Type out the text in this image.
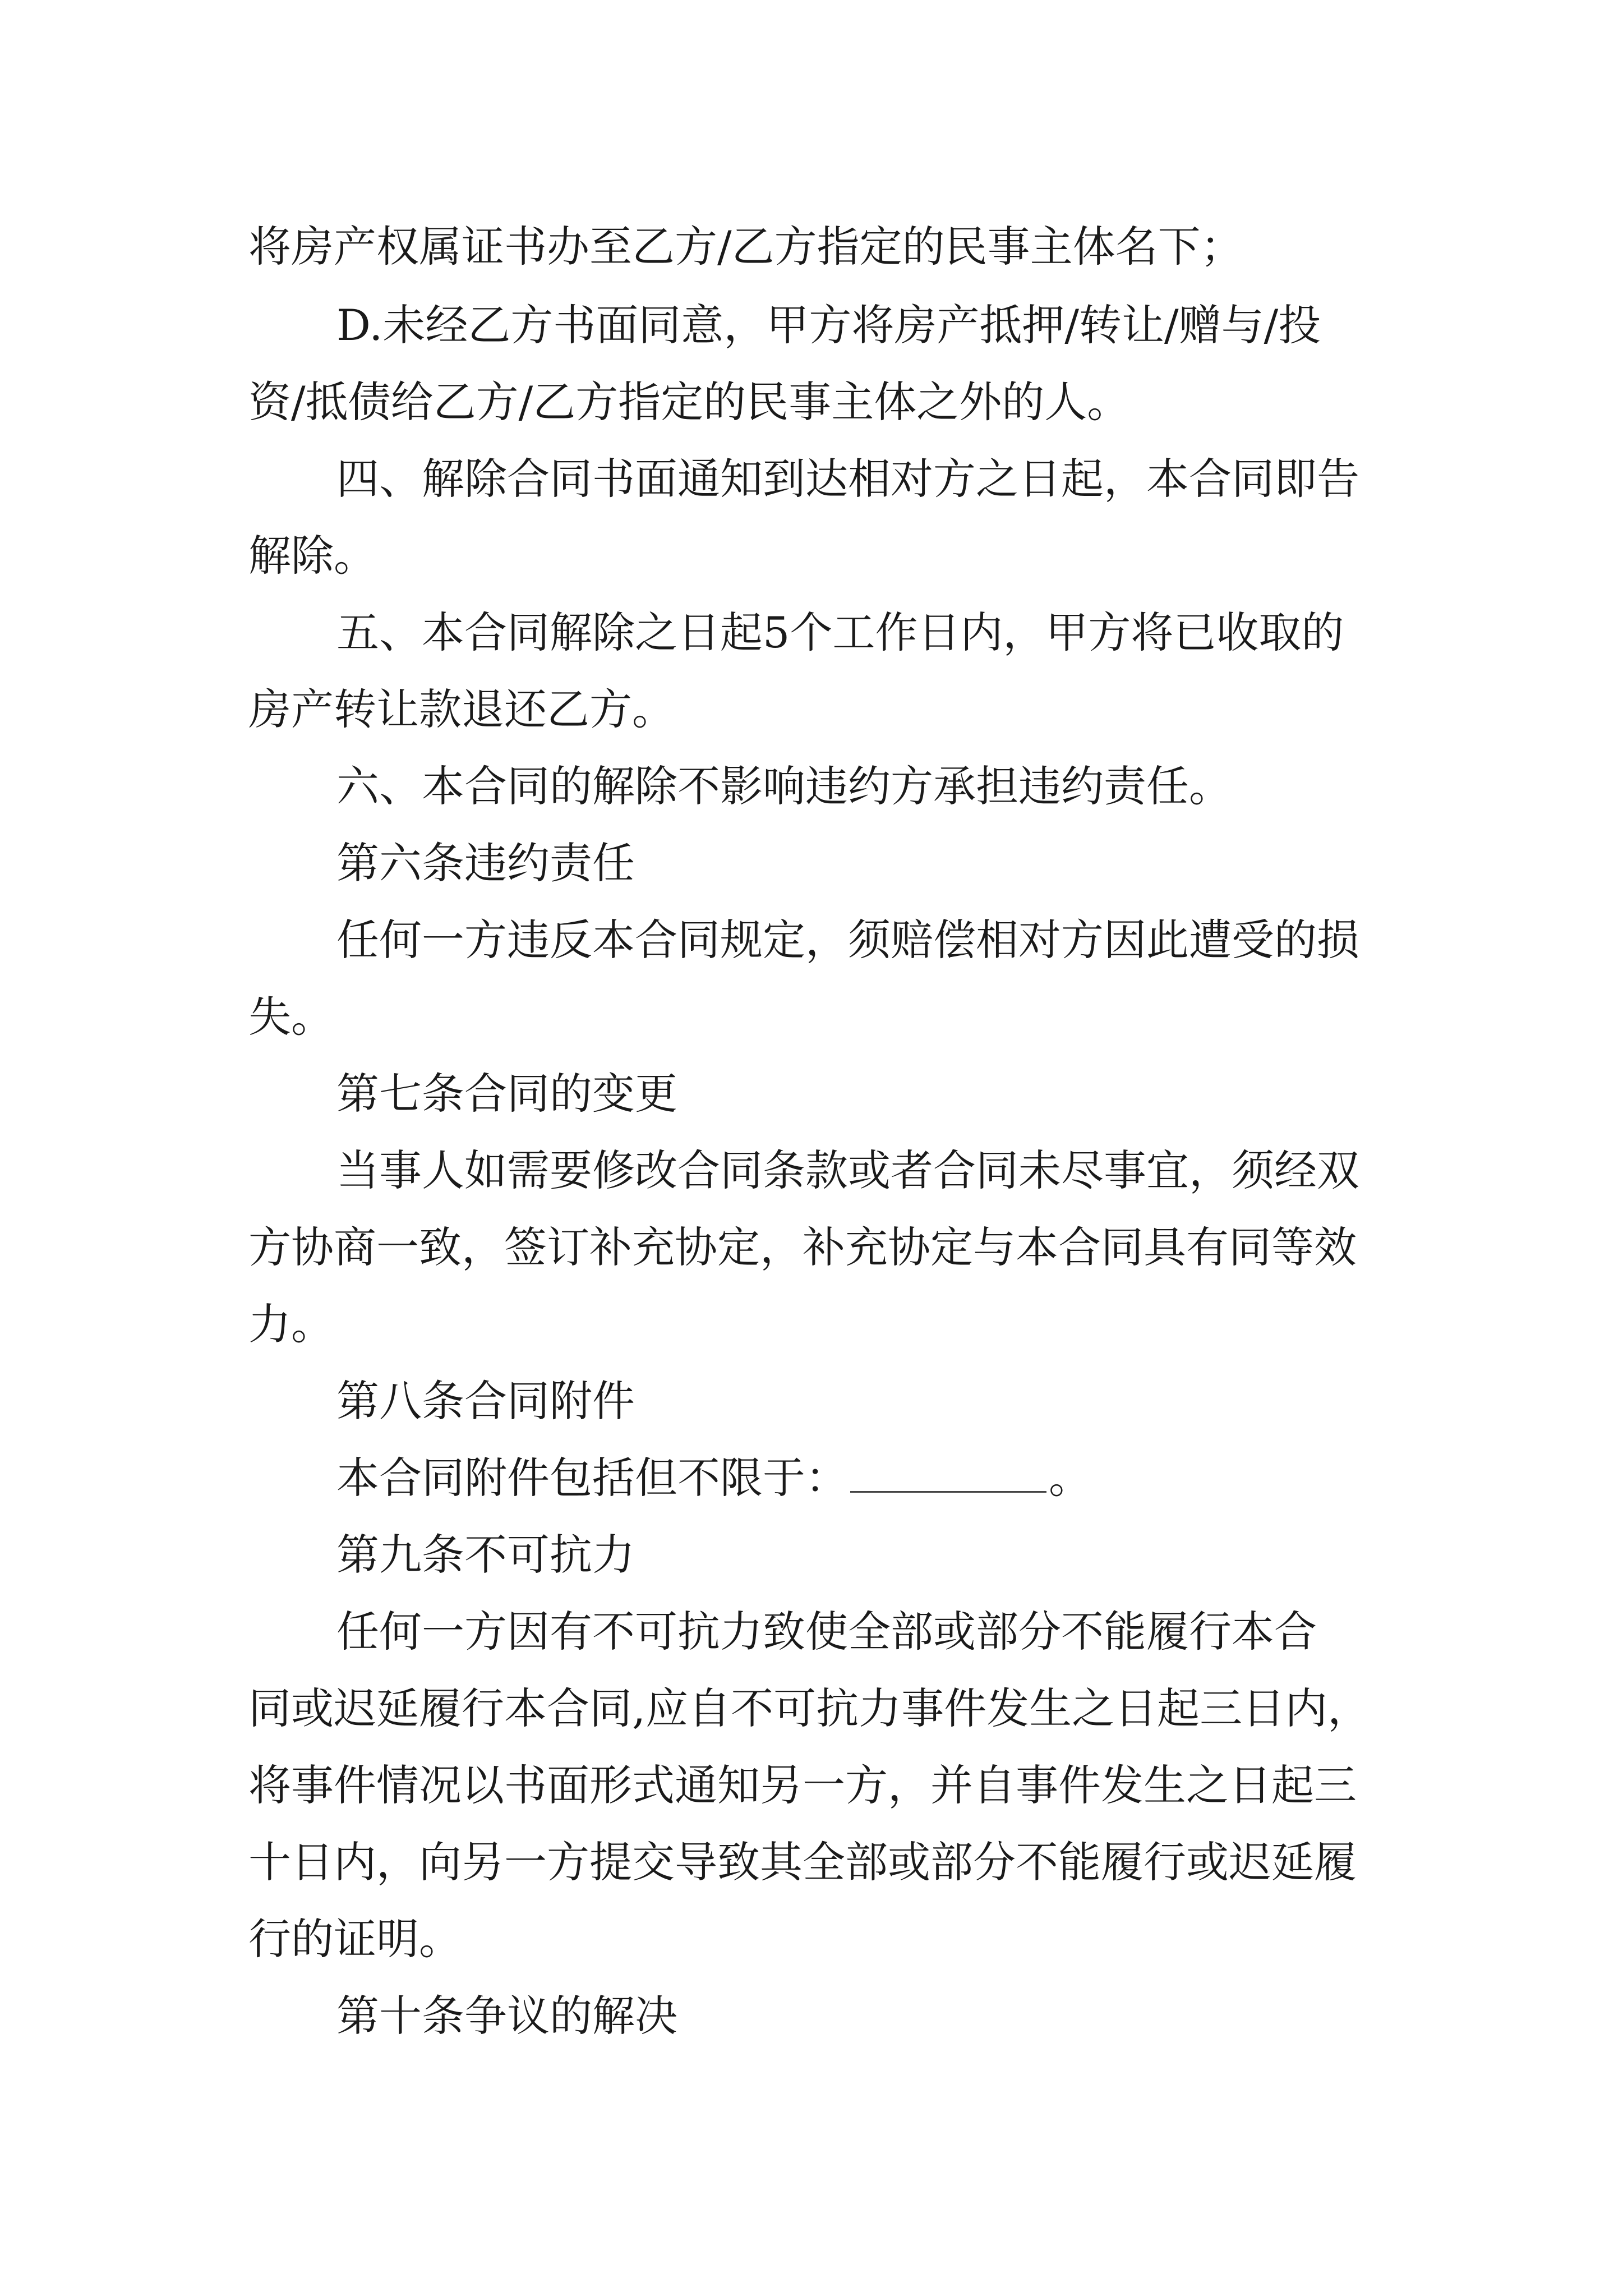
将房产权属证书办至乙方/乙方指定的民事主体名下；
D.未经乙方书面同意，甲方将房产抵押/转让/赠与/投
资/抵债给乙方/乙方指定的民事主体之外的人。
四、解除合同书面通知到达相对方之日起，本合同即告
解除。
五、本合同解除之日起5个工作日内，甲方将已收取的
房产转让款退还乙方。
六、本合同的解除不影响违约方承担违约责任。
第六条违约责任
任何一方违反本合同规定，须赔偿相对方因此遭受的损
失。
第七条合同的变更
当事人如需要修改合同条款或者合同未尽事宜，须经双
方协商一致，签订补充协定，补充协定与本合同具有同等效
力。
第八条合同附件
本合同附件包括但不限于：	。
第九条不可抗力
任何一方因有不可抗力致使全部或部分不能履行本合
同或迟延履行本合同,应自不可抗力事件发生之日起三日内，
将事件情况以书面形式通知另一方，并自事件发生之日起三
十日内，向另一方提交导致其全部或部分不能履行或迟延履
行的证明。
第十条争议的解决
